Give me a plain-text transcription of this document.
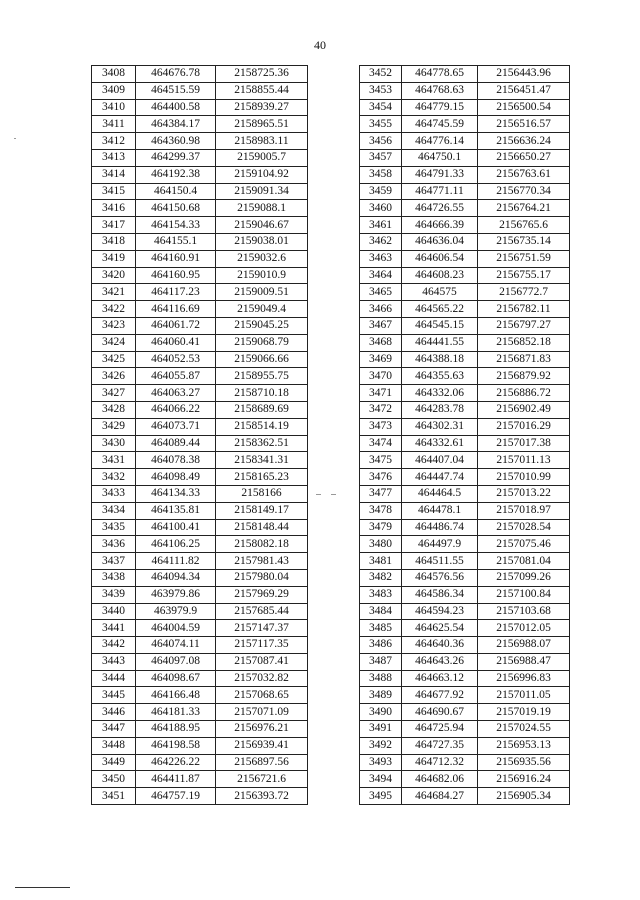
40
3408	464676.78	2158725.36
3409	464515.59	2158855.44
3410	464400.58	2158939.27
3411	464384.17	2158965.51
3412	464360.98	2158983.11
3413	464299.37	2159005.7
3414	464192.38	2159104.92
3415	464150.4	2159091.34
3416	464150.68	2159088.1
3417	464154.33	2159046.67
3418	464155.1	2159038.01
3419	464160.91	2159032.6
3420	464160.95	2159010.9
3421	464117.23	2159009.51
3422	464116.69	2159049.4
3423	464061.72	2159045.25
3424	464060.41	2159068.79
3425	464052.53	2159066.66
3426	464055.87	2158955.75
3427	464063.27	2158710.18
3428	464066.22	2158689.69
3429	464073.71	2158514.19
3430	464089.44	2158362.51
3431	464078.38	2158341.31
3432	464098.49	2158165.23
3433	464134.33	2158166
3434	464135.81	2158149.17
3435	464100.41	2158148.44
3436	464106.25	2158082.18
3437	464111.82	2157981.43
3438	464094.34	2157980.04
3439	463979.86	2157969.29
3440	463979.9	2157685.44
3441	464004.59	2157147.37
3442	464074.11	2157117.35
3443	464097.08	2157087.41
3444	464098.67	2157032.82
3445	464166.48	2157068.65
3446	464181.33	2157071.09
3447	464188.95	2156976.21
3448	464198.58	2156939.41
3449	464226.22	2156897.56
3450	464411.87	2156721.6
3451	464757.19	2156393.72
3452	464778.65	2156443.96
3453	464768.63	2156451.47
3454	464779.15	2156500.54
3455	464745.59	2156516.57
3456	464776.14	2156636.24
3457	464750.1	2156650.27
3458	464791.33	2156763.61
3459	464771.11	2156770.34
3460	464726.55	2156764.21
3461	464666.39	2156765.6
3462	464636.04	2156735.14
3463	464606.54	2156751.59
3464	464608.23	2156755.17
3465	464575	2156772.7
3466	464565.22	2156782.11
3467	464545.15	2156797.27
3468	464441.55	2156852.18
3469	464388.18	2156871.83
3470	464355.63	2156879.92
3471	464332.06	2156886.72
3472	464283.78	2156902.49
3473	464302.31	2157016.29
3474	464332.61	2157017.38
3475	464407.04	2157011.13
3476	464447.74	2157010.99
3477	464464.5	2157013.22
3478	464478.1	2157018.97
3479	464486.74	2157028.54
3480	464497.9	2157075.46
3481	464511.55	2157081.04
3482	464576.56	2157099.26
3483	464586.34	2157100.84
3484	464594.23	2157103.68
3485	464625.54	2157012.05
3486	464640.36	2156988.07
3487	464643.26	2156988.47
3488	464663.12	2156996.83
3489	464677.92	2157011.05
3490	464690.67	2157019.19
3491	464725.94	2157024.55
3492	464727.35	2156953.13
3493	464712.32	2156935.56
3494	464682.06	2156916.24
3495	464684.27	2156905.34
